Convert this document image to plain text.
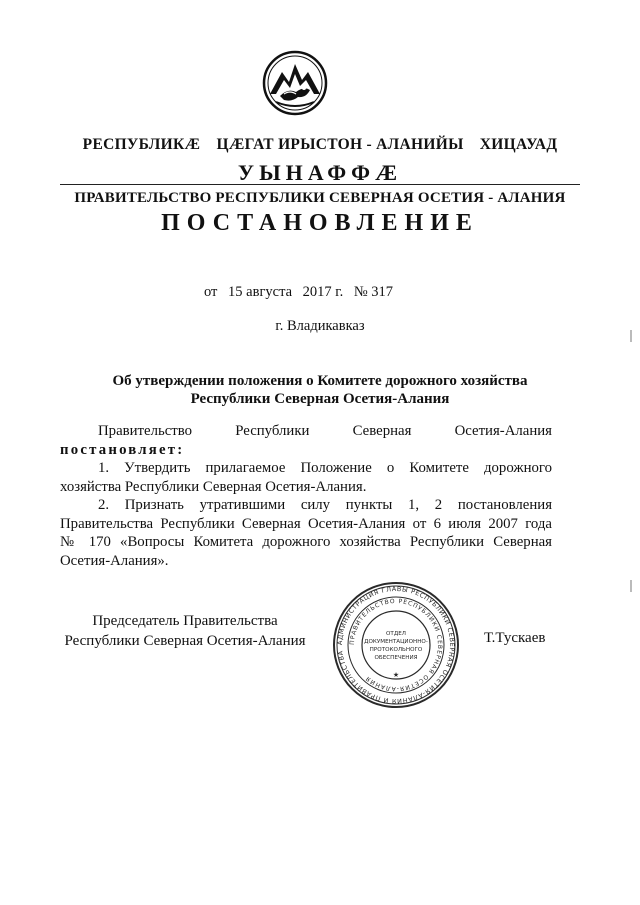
РЕСПУБЛИКӔ ЦӔГАТ ИРЫСТОН - АЛАНИЙЫ ХИЦАУАД
УЫНАФФӔ
ПРАВИТЕЛЬСТВО РЕСПУБЛИКИ СЕВЕРНАЯ ОСЕТИЯ - АЛАНИЯ
ПОСТАНОВЛЕНИЕ
от 15 августа 2017 г. № 317
г. Владикавказ
Об утверждении положения о Комитете дорожного хозяйства
Республики Северная Осетия-Алания
Правительство	Республики	Северная	Осетия-Алания
постановляет:
1. Утвердить прилагаемое Положение о Комитете дорожного
хозяйства Республики Северная Осетия-Алания.
2. Признать утратившими силу пункты 1, 2 постановления
Правительства Республики Северная Осетия-Алания от 6 июля 2007 года
№ 170 «Вопросы Комитета дорожного хозяйства Республики Северная
Осетия-Алания».
Председатель Правительства
Республики Северная Осетия-Алания	АДМИНИСТРАЦИЯ ГЛАВЫ РЕСПУБЛИКИ СЕВЕРНАЯ ОСЕТИЯ-АЛАНИЯ И ПРАВИТЕЛЬСТВА
ПРАВИТЕЛЬСТВО РЕСПУБЛИКИ СЕВЕРНАЯ ОСЕТИЯ-АЛАНИЯ
ОТДЕЛ
ДОКУМЕНТАЦИОННО-
ПРОТОКОЛЬНОГО
ОБЕСПЕЧЕНИЯ
★
Т.Тускаев
